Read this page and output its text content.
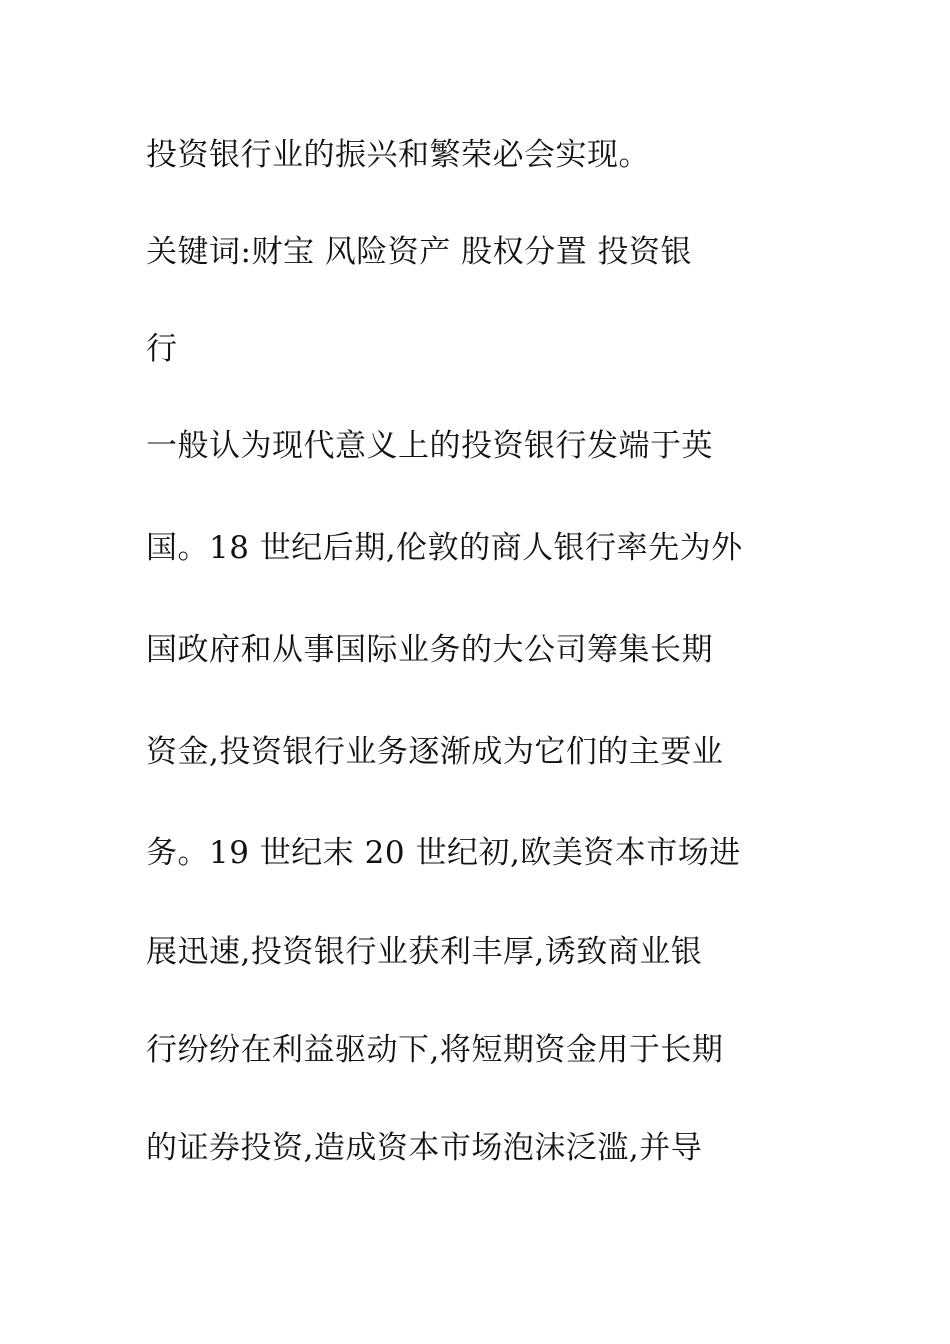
投资银行业的振兴和繁荣必会实现。
关键词:财宝 风险资产 股权分置 投资银
行
一般认为现代意义上的投资银行发端于英
国。18 世纪后期,伦敦的商人银行率先为外
国政府和从事国际业务的大公司筹集长期
资金,投资银行业务逐渐成为它们的主要业
务。19 世纪末 20 世纪初,欧美资本市场进
展迅速,投资银行业获利丰厚,诱致商业银
行纷纷在利益驱动下,将短期资金用于长期
的证券投资,造成资本市场泡沫泛滥,并导
